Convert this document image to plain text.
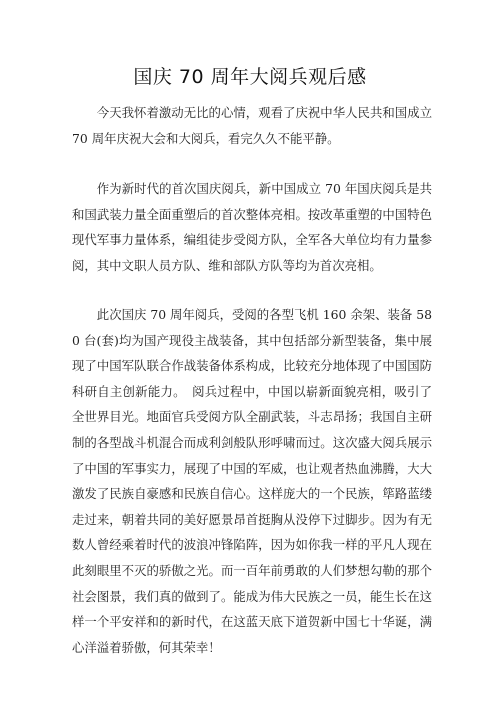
国庆 70 周年大阅兵观后感

今天我怀着激动无比的心情，观看了庆祝中华人民共和国成立 70 周年庆祝大会和大阅兵，看完久久不能平静。

作为新时代的首次国庆阅兵，新中国成立 70 年国庆阅兵是共和国武装力量全面重塑后的首次整体亮相。按改革重塑的中国特色现代军事力量体系，编组徒步受阅方队，全军各大单位均有力量参阅，其中文职人员方队、维和部队方队等均为首次亮相。

此次国庆 70 周年阅兵，受阅的各型飞机 160 余架、装备 580 台(套)均为国产现役主战装备，其中包括部分新型装备，集中展现了中国军队联合作战装备体系构成，比较充分地体现了中国国防科研自主创新能力。　阅兵过程中，中国以崭新面貌亮相，吸引了全世界目光。地面官兵受阅方队全副武装，斗志昂扬；我国自主研制的各型战斗机混合而成利剑般队形呼啸而过。这次盛大阅兵展示了中国的军事实力，展现了中国的军威，也让观者热血沸腾，大大激发了民族自豪感和民族自信心。这样庞大的一个民族，筚路蓝缕走过来，朝着共同的美好愿景昂首挺胸从没停下过脚步。因为有无数人曾经乘着时代的波浪冲锋陷阵，因为如你我一样的平凡人现在此刻眼里不灭的骄傲之光。而一百年前勇敢的人们梦想勾勒的那个社会图景，我们真的做到了。能成为伟大民族之一员，能生长在这样一个平安祥和的新时代，在这蓝天底下道贺新中国七十华诞，满心洋溢着骄傲，何其荣幸！
